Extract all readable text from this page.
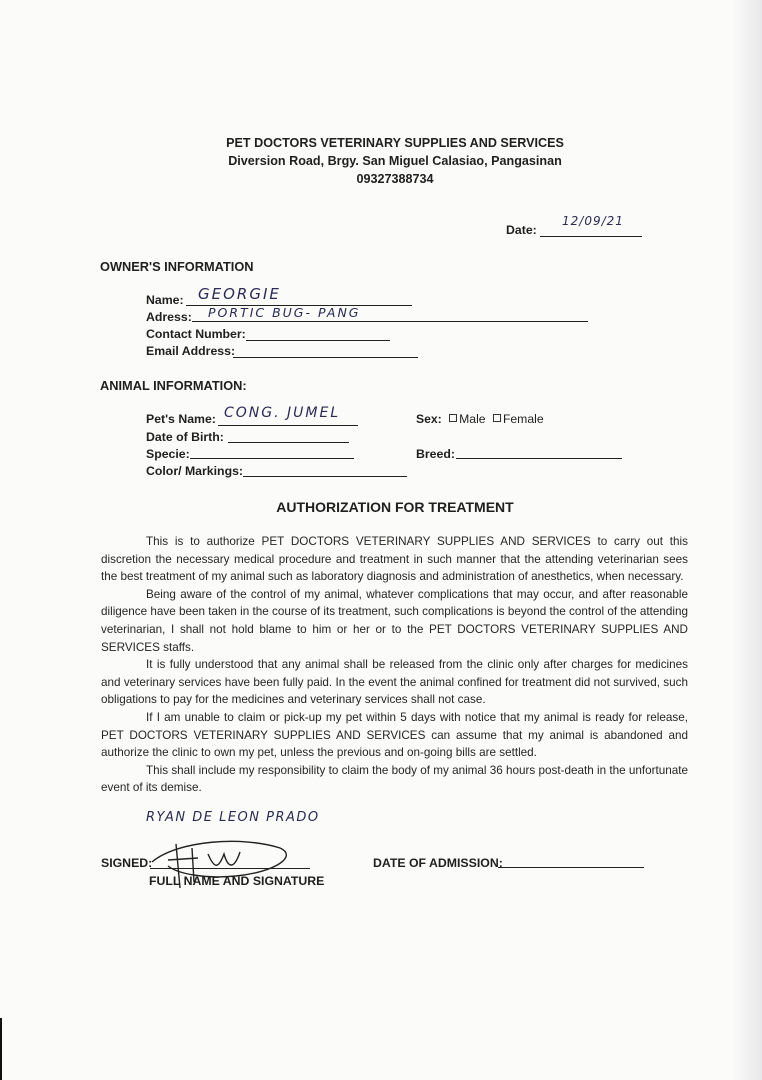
PET DOCTORS VETERINARY SUPPLIES AND SERVICES
Diversion Road, Brgy. San Miguel Calasiao, Pangasinan
09327388734
Date:
12/09/21
OWNER'S INFORMATION
Name: GEORGIE
Adress: PORTIC BUG- PANG
Contact Number:
Email Address:
ANIMAL INFORMATION:
Pet's Name: CONG. JUMEL
Date of Birth:
Specie:
Color/ Markings:
Sex: Male Female
Breed:
AUTHORIZATION FOR TREATMENT

This is to authorize PET DOCTORS VETERINARY SUPPLIES AND SERVICES to carry out this discretion the necessary medical procedure and treatment in such manner that the attending veterinarian sees the best treatment of my animal such as laboratory diagnosis and administration of anesthetics, when necessary.

Being aware of the control of my animal, whatever complications that may occur, and after reasonable diligence have been taken in the course of its treatment, such complications is beyond the control of the attending veterinarian, I shall not hold blame to him or her or to the PET DOCTORS VETERINARY SUPPLIES AND SERVICES staffs.

It is fully understood that any animal shall be released from the clinic only after charges for medicines and veterinary services have been fully paid. In the event the animal confined for treatment did not survived, such obligations to pay for the medicines and veterinary services shall not case.

If I am unable to claim or pick-up my pet within 5 days with notice that my animal is ready for release, PET DOCTORS VETERINARY SUPPLIES AND SERVICES can assume that my animal is abandoned and authorize the clinic to own my pet, unless the previous and on-going bills are settled.

This shall include my responsibility to claim the body of my animal 36 hours post-death in the unfortunate event of its demise.

RYAN DE LEON PRADO
SIGNED:
FULL NAME AND SIGNATURE
DATE OF ADMISSION:
